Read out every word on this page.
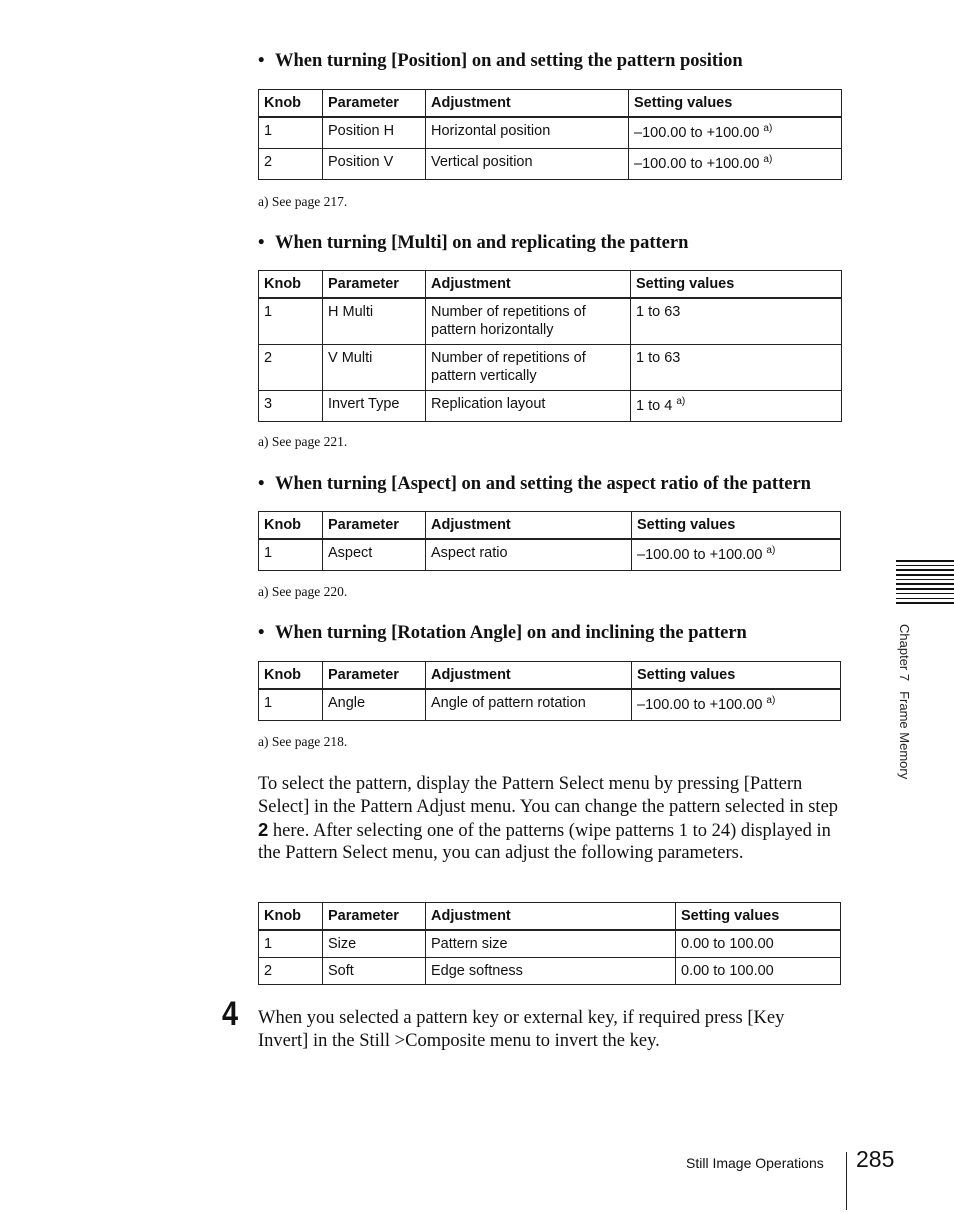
• When turning [Position] on and setting the pattern position
Knob	Parameter	Adjustment	Setting values
1	Position H	Horizontal position	–100.00 to +100.00 $^{a)}$
2	Position V	Vertical position	–100.00 to +100.00 $^{a)}$
a) See page 217.
• When turning [Multi] on and replicating the pattern
Knob	Parameter	Adjustment	Setting values
1	H Multi	Number of repetitions of pattern horizontally	1 to 63
2	V Multi	Number of repetitions of pattern vertically	1 to 63
3	Invert Type	Replication layout	1 to 4 $^{a)}$
a) See page 221.
• When turning [Aspect] on and setting the aspect ratio of the pattern
Knob	Parameter	Adjustment	Setting values
1	Aspect	Aspect ratio	–100.00 to +100.00 $^{a)}$
a) See page 220.
• When turning [Rotation Angle] on and inclining the pattern
Knob	Parameter	Adjustment	Setting values
1	Angle	Angle of pattern rotation	–100.00 to +100.00 $^{a)}$
a) See page 218.

To select the pattern, display the Pattern Select menu by pressing [Pattern Select] in the Pattern Adjust menu. You can change the pattern selected in step 2 here. After selecting one of the patterns (wipe patterns 1 to 24) displayed in the Pattern Select menu, you can adjust the following parameters.

Knob	Parameter	Adjustment	Setting values
1	Size	Pattern size	0.00 to 100.00
2	Soft	Edge softness	0.00 to 100.00
4 When you selected a pattern key or external key, if required press [Key Invert] in the Still >Composite menu to invert the key.

Chapter 7Frame Memory
Still Image Operations 285
